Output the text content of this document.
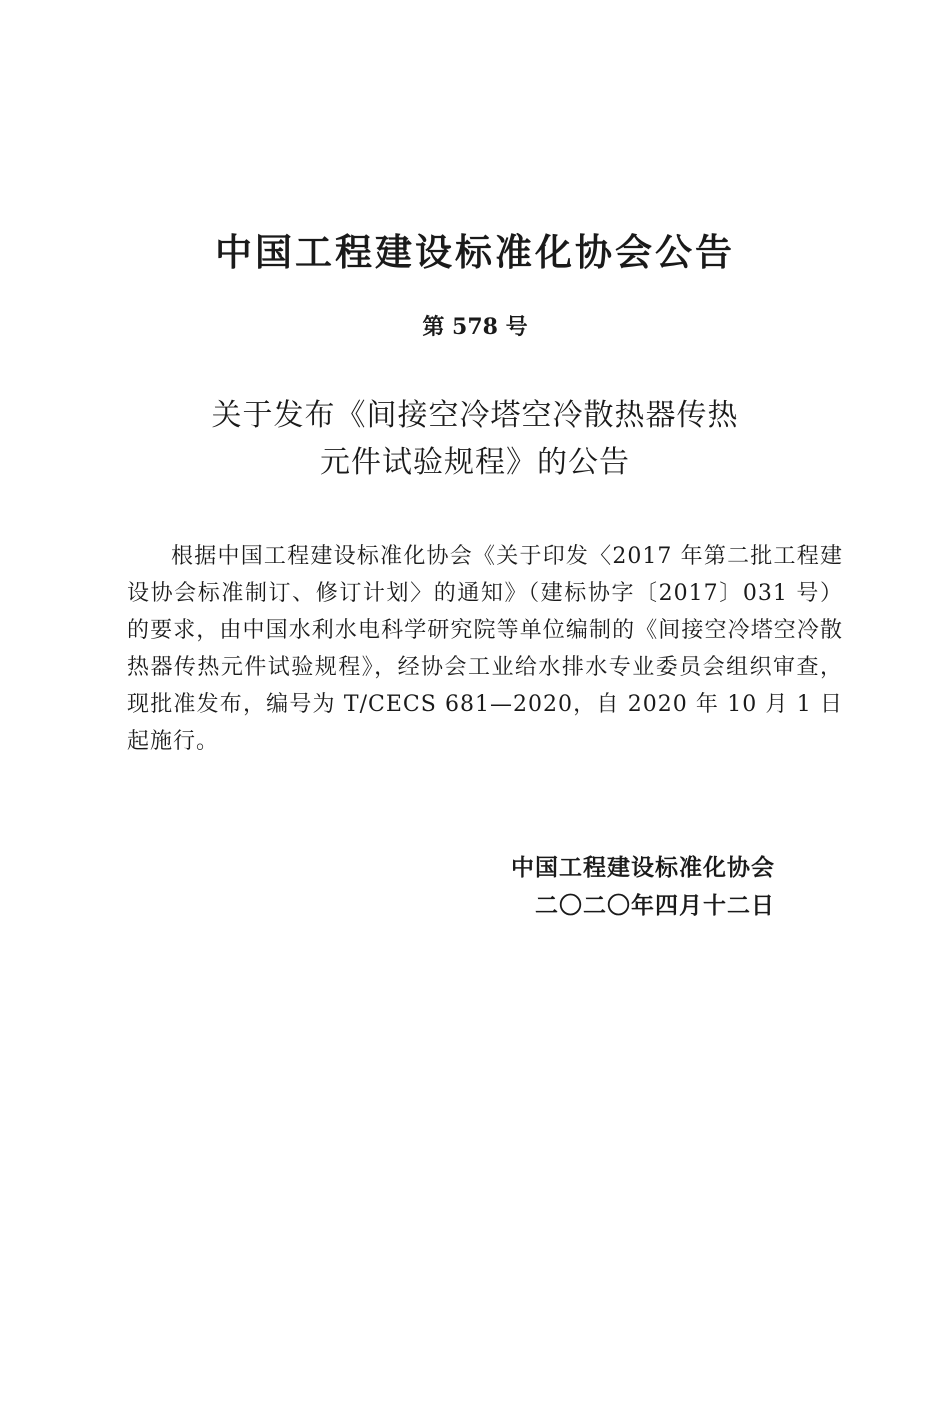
中国工程建设标准化协会公告
第 578 号
关于发布《间接空冷塔空冷散热器传热
元件试验规程》的公告
根据中国工程建设标准化协会《关于印发〈2017 年第二批工程建设协会标准制订、修订计划〉的通知》（建标协字〔2017〕031 号）的要求，由中国水利水电科学研究院等单位编制的《间接空冷塔空冷散热器传热元件试验规程》，经协会工业给水排水专业委员会组织审查，现批准发布，编号为 T/CECS 681—2020，自 2020 年 10 月 1 日起施行。
中国工程建设标准化协会
二〇二〇年四月十二日
